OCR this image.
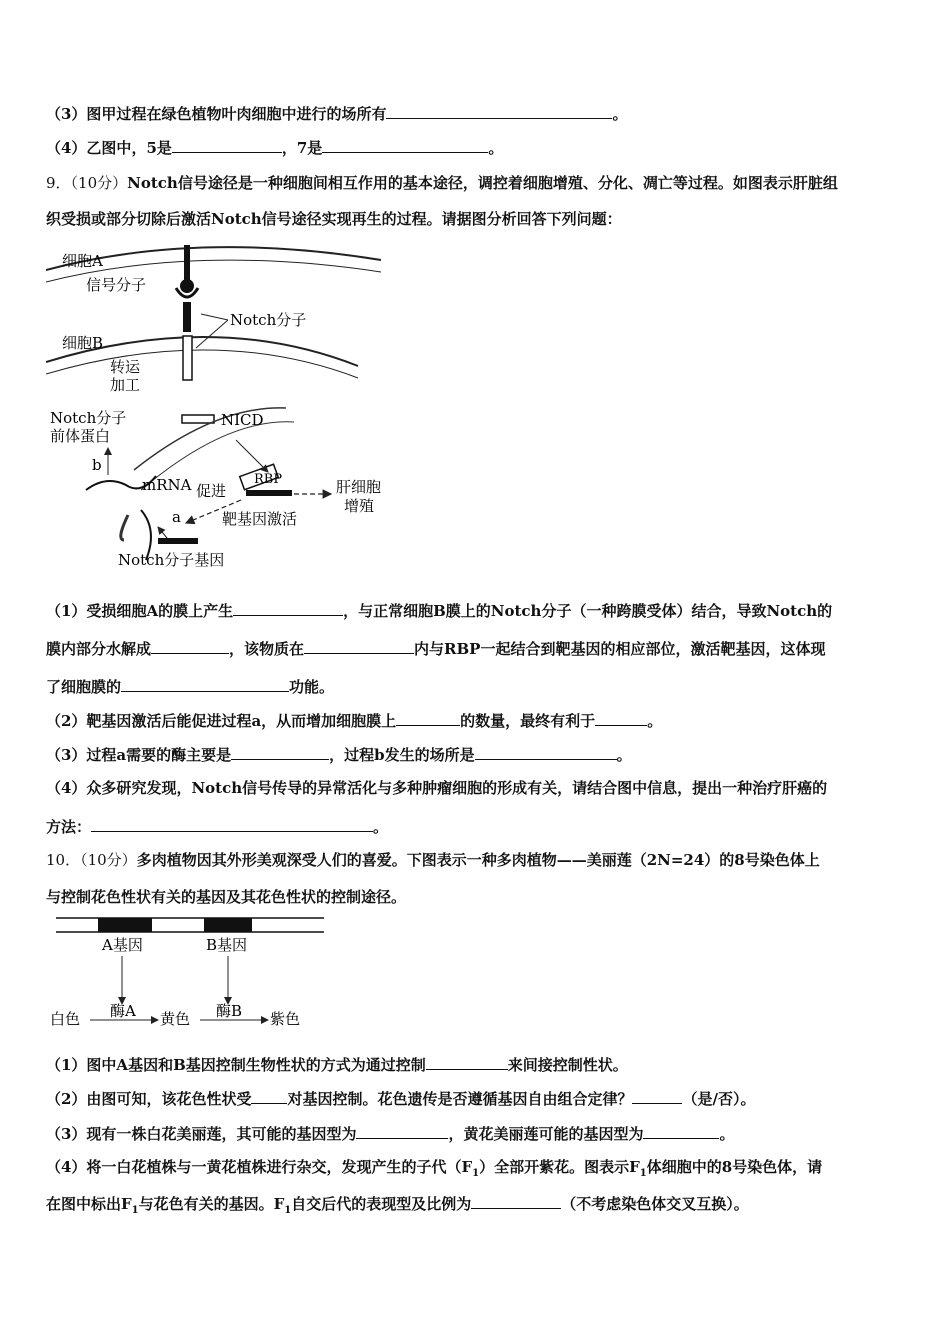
（3）图甲过程在绿色植物叶肉细胞中进行的场所有	。
（4）乙图中，5是	，7是	。
9．（10分）Notch信号途径是一种细胞间相互作用的基本途径，调控着细胞增殖、分化、凋亡等过程。如图表示肝脏组
织受损或部分切除后激活Notch信号途径实现再生的过程。请据图分析回答下列问题：
细胞A
信号分子
Notch分子
细胞B
转运
加工
NICD
Notch分子
前体蛋白
b
mRNA 促进
RBP	肝细胞
增殖
a	靶基因激活
Notch分子基因
（1）受损细胞A的膜上产生	，与正常细胞B膜上的Notch分子（一种跨膜受体）结合，导致Notch的
膜内部分水解成	，该物质在	内与RBP一起结合到靶基因的相应部位，激活靶基因，这体现
了细胞膜的	功能。
（2）靶基因激活后能促进过程a，从而增加细胞膜上	的数量，最终有利于	。
（3）过程a需要的酶主要是	，过程b发生的场所是	。
（4）众多研究发现，Notch信号传导的异常活化与多种肿瘤细胞的形成有关，请结合图中信息，提出一种治疗肝癌的
方法：	。
10．（10分）多肉植物因其外形美观深受人们的喜爱。下图表示一种多肉植物——美丽莲（2N=24）的8号染色体上
与控制花色性状有关的基因及其花色性状的控制途径。
A基因	B基因
酶A	酶B
白色	黄色	紫色
（1）图中A基因和B基因控制生物性状的方式为通过控制	来间接控制性状。
（2）由图可知，该花色性状受 对基因控制。花色遗传是否遵循基因自由组合定律？	（是/否）。
（3）现有一株白花美丽莲，其可能的基因型为	，黄花美丽莲可能的基因型为	。
（4）将一白花植株与一黄花植株进行杂交，发现产生的子代$(F_1)$全部开紫花。图表示$F_1$体细胞中的8号染色体，请
在图中标出$F_1$与花色有关的基因。$F_1$自交后代的表现型及比例为	（不考虑染色体交叉互换）。
